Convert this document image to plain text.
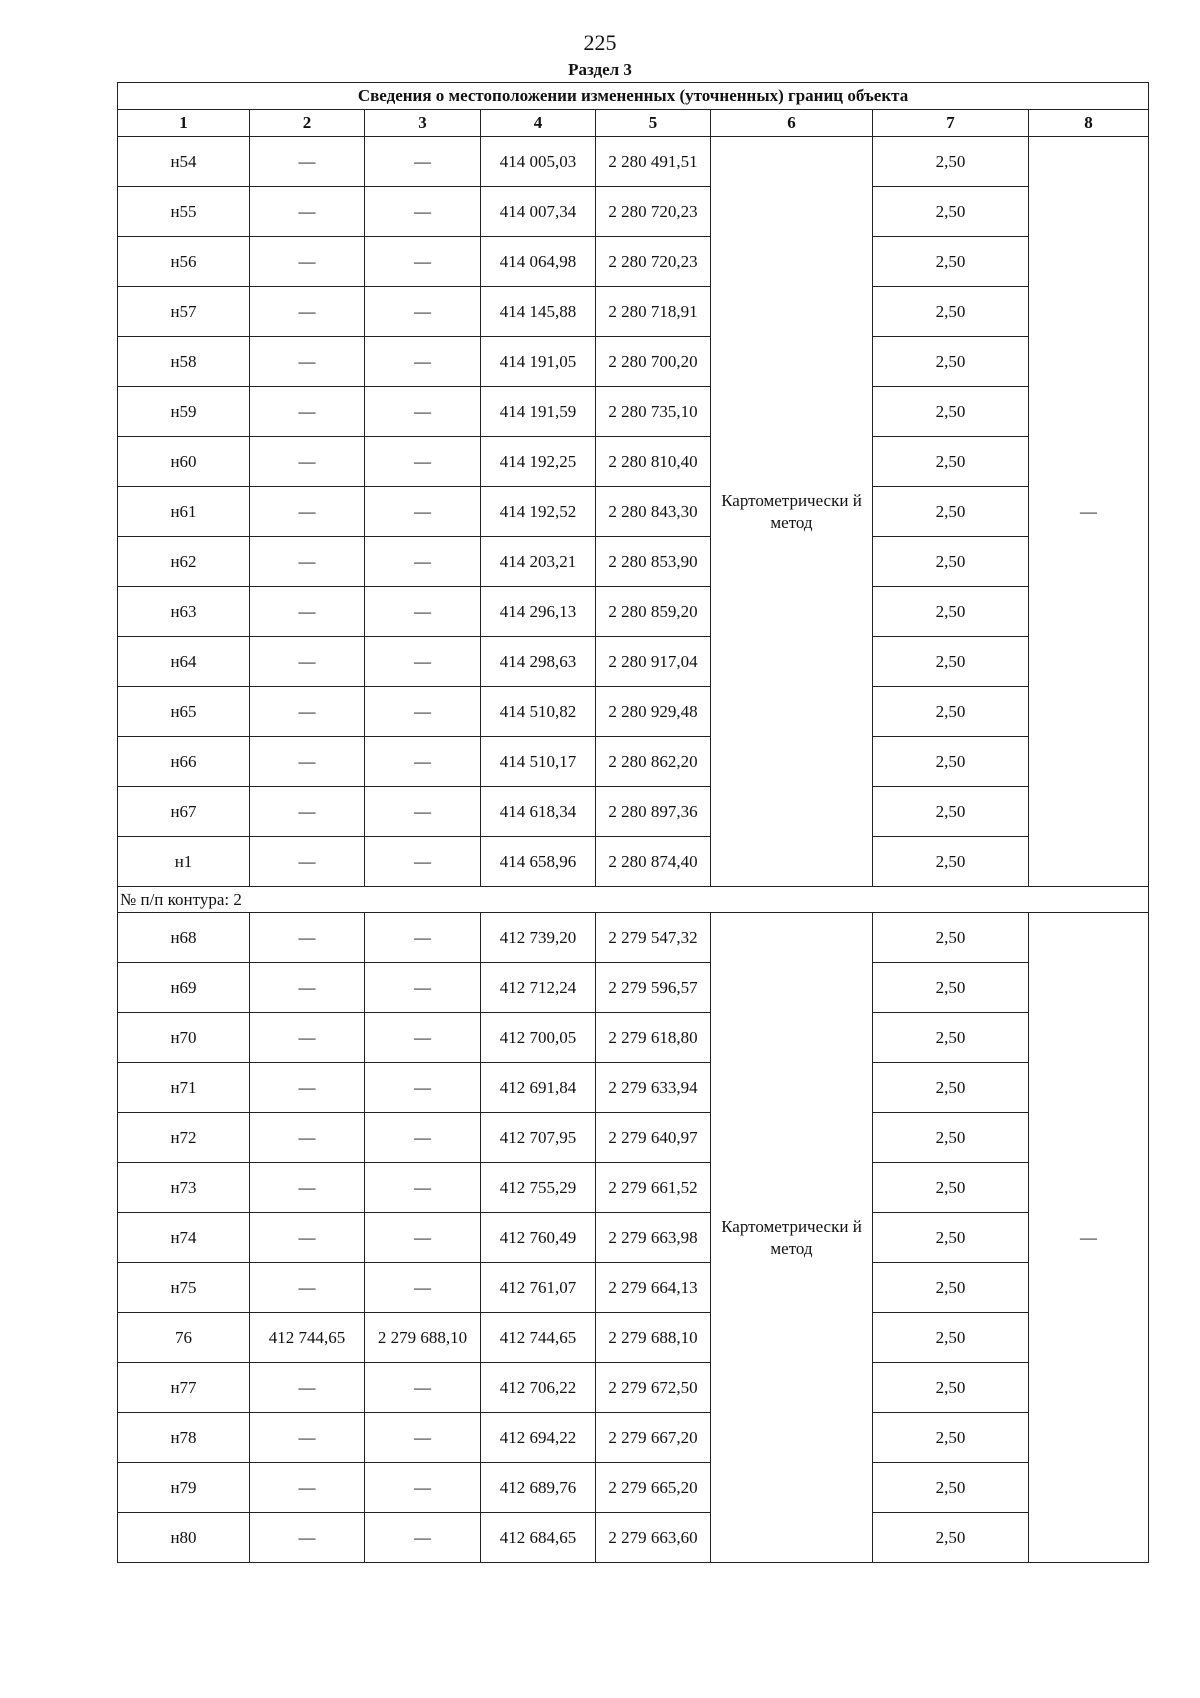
225
Раздел 3
Сведения о местоположении измененных (уточненных) границ объекта							
1	2	3	4	5	6	7	8
н54	—	—	414 005,03	2 280 491,51	Картометрически й метод	2,50	—
н55	—	—	414 007,34	2 280 720,23		2,50	
н56	—	—	414 064,98	2 280 720,23		2,50	
н57	—	—	414 145,88	2 280 718,91		2,50	
н58	—	—	414 191,05	2 280 700,20		2,50	
н59	—	—	414 191,59	2 280 735,10		2,50	
н60	—	—	414 192,25	2 280 810,40		2,50	
н61	—	—	414 192,52	2 280 843,30		2,50	
н62	—	—	414 203,21	2 280 853,90		2,50	
н63	—	—	414 296,13	2 280 859,20		2,50	
н64	—	—	414 298,63	2 280 917,04		2,50	
н65	—	—	414 510,82	2 280 929,48		2,50	
н66	—	—	414 510,17	2 280 862,20		2,50	
н67	—	—	414 618,34	2 280 897,36		2,50	
н1	—	—	414 658,96	2 280 874,40		2,50	
№ п/п контура: 2							
н68	—	—	412 739,20	2 279 547,32	Картометрически й метод	2,50	—
н69	—	—	412 712,24	2 279 596,57		2,50	
н70	—	—	412 700,05	2 279 618,80		2,50	
н71	—	—	412 691,84	2 279 633,94		2,50	
н72	—	—	412 707,95	2 279 640,97		2,50	
н73	—	—	412 755,29	2 279 661,52		2,50	
н74	—	—	412 760,49	2 279 663,98		2,50	
н75	—	—	412 761,07	2 279 664,13		2,50	
76	412 744,65	2 279 688,10	412 744,65	2 279 688,10		2,50	
н77	—	—	412 706,22	2 279 672,50		2,50	
н78	—	—	412 694,22	2 279 667,20		2,50	
н79	—	—	412 689,76	2 279 665,20		2,50	
н80	—	—	412 684,65	2 279 663,60		2,50	
